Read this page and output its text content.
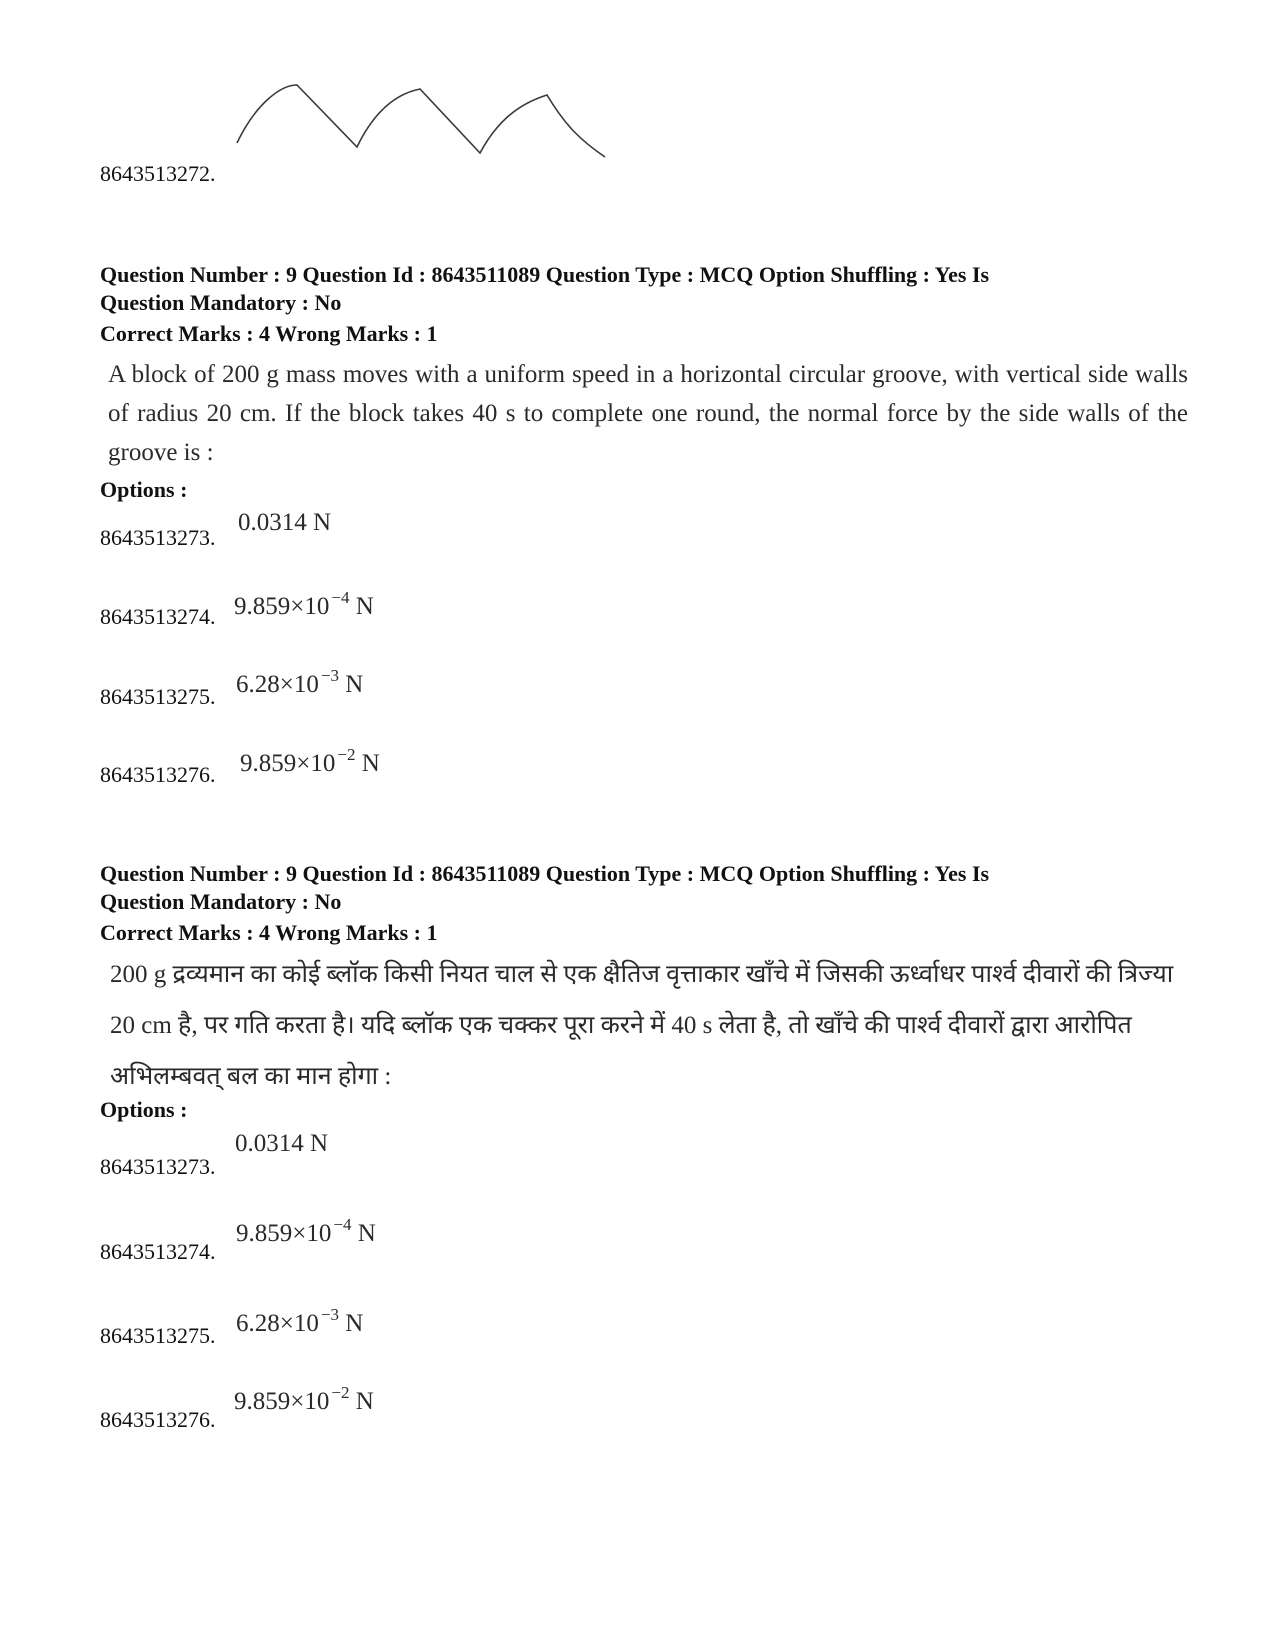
8643513272.
Question Number : 9 Question Id : 8643511089 Question Type : MCQ Option Shuffling : Yes Is
Question Mandatory : No
Correct Marks : 4 Wrong Marks : 1
A block of 200 g mass moves with a uniform speed in a horizontal circular groove, with vertical side walls of radius 20 cm. If the block takes 40 s to complete one round, the normal force by the side walls of the groove is :
Options :
8643513273.
0.0314 N
8643513274. 9.859×10 $^{-4}$ N
8643513275. 6.28×10 $^{-3}$ N
8643513276. 9.859×10 $^{-2}$ N
Question Number : 9 Question Id : 8643511089 Question Type : MCQ Option Shuffling : Yes Is
Question Mandatory : No
Correct Marks : 4 Wrong Marks : 1
200 g द्रव्यमान का कोई ब्लॉक किसी नियत चाल से एक क्षैतिज वृत्ताकार खाँचे में जिसकी ऊर्ध्वाधर पार्श्व दीवारों की त्रिज्या 20 cm है, पर गति करता है। यदि ब्लॉक एक चक्कर पूरा करने में 40 s लेता है, तो खाँचे की पार्श्व दीवारों द्वारा आरोपित अभिलम्बवत् बल का मान होगा :
Options :
8643513273.
0.0314 N
8643513274.
9.859×10 $^{-4}$ N
8643513275. 6.28×10 $^{-3}$ N
8643513276.
9.859×10 $^{-2}$ N
